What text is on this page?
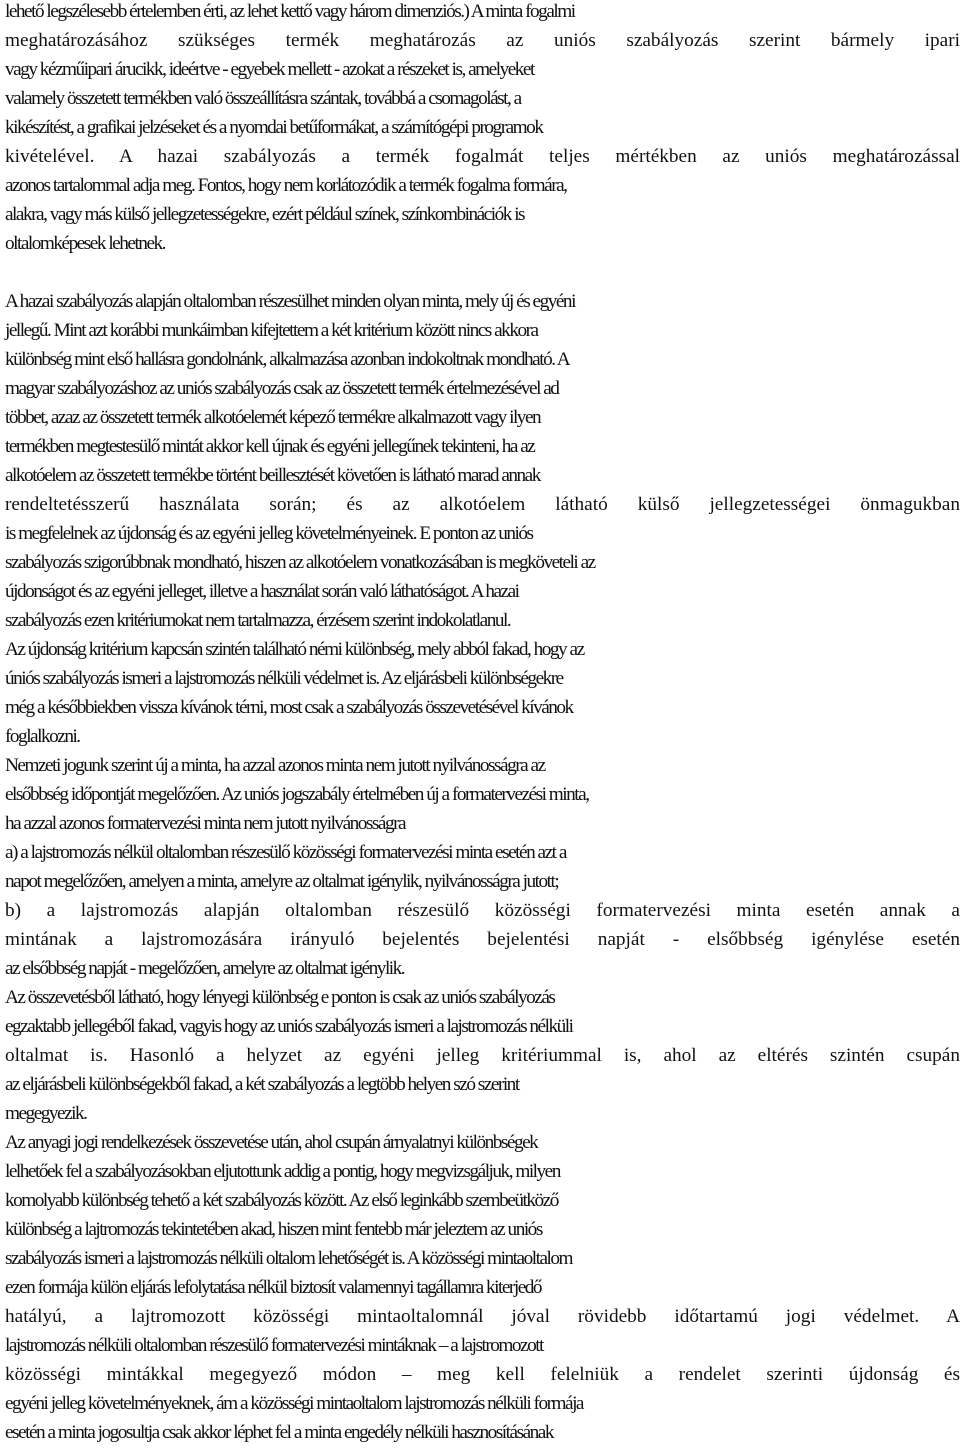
lehető legszélesebb értelemben érti, az lehet kettő vagy három dimenziós.) A minta fogalmi
meghatározásához szükséges termék meghatározás az uniós szabályozás szerint bármely ipari
vagy kézműipari árucikk, ideértve - egyebek mellett - azokat a részeket is, amelyeket
valamely összetett termékben való összeállításra szántak, továbbá a csomagolást, a
kikészítést, a grafikai jelzéseket és a nyomdai betűformákat, a számítógépi programok
kivételével. A hazai szabályozás a termék fogalmát teljes mértékben az uniós meghatározással
azonos tartalommal adja meg. Fontos, hogy nem korlátozódik a termék fogalma formára,
alakra, vagy más külső jellegzetességekre, ezért például színek, színkombinációk is
oltalomképesek lehetnek.
A hazai szabályozás alapján oltalomban részesülhet minden olyan minta, mely új és egyéni
jellegű. Mint azt korábbi munkáimban kifejtettem a két kritérium között nincs akkora
különbség mint első hallásra gondolnánk, alkalmazása azonban indokoltnak mondható. A
magyar szabályozáshoz az uniós szabályozás csak az összetett termék értelmezésével ad
többet, azaz az összetett termék alkotóelemét képező termékre alkalmazott vagy ilyen
termékben megtestesülő mintát akkor kell újnak és egyéni jellegűnek tekinteni, ha az
alkotóelem az összetett termékbe történt beillesztését követően is látható marad annak
rendeltetésszerű használata során; és az alkotóelem látható külső jellegzetességei önmagukban
is megfelelnek az újdonság és az egyéni jelleg követelményeinek. E ponton az uniós
szabályozás szigorúbbnak mondható, hiszen az alkotóelem vonatkozásában is megköveteli az
újdonságot és az egyéni jelleget, illetve a használat során való láthatóságot. A hazai
szabályozás ezen kritériumokat nem tartalmazza, érzésem szerint indokolatlanul.
Az újdonság kritérium kapcsán szintén található némi különbség, mely abból fakad, hogy az
úniós szabályozás ismeri a lajstromozás nélküli védelmet is. Az eljárásbeli különbségekre
még a későbbiekben vissza kívánok térni, most csak a szabályozás összevetésével kívánok
foglalkozni.
Nemzeti jogunk szerint új a minta, ha azzal azonos minta nem jutott nyilvánosságra az
elsőbbség időpontját megelőzően. Az uniós jogszabály értelmében új a formatervezési minta,
ha azzal azonos formatervezési minta nem jutott nyilvánosságra
a) a lajstromozás nélkül oltalomban részesülő közösségi formatervezési minta esetén azt a
napot megelőzően, amelyen a minta, amelyre az oltalmat igénylik, nyilvánosságra jutott;
b) a lajstromozás alapján oltalomban részesülő közösségi formatervezési minta esetén annak a
mintának a lajstromozására irányuló bejelentés bejelentési napját - elsőbbség igénylése esetén
az elsőbbség napját - megelőzően, amelyre az oltalmat igénylik.
Az összevetésből látható, hogy lényegi különbség e ponton is csak az uniós szabályozás
egzaktabb jellegéből fakad, vagyis hogy az uniós szabályozás ismeri a lajstromozás nélküli
oltalmat is. Hasonló a helyzet az egyéni jelleg kritériummal is, ahol az eltérés szintén csupán
az eljárásbeli különbségekből fakad, a két szabályozás a legtöbb helyen szó szerint
megegyezik.
Az anyagi jogi rendelkezések összevetése után, ahol csupán árnyalatnyi különbségek
lelhetőek fel a szabályozásokban eljutottunk addig a pontig, hogy megvizsgáljuk, milyen
komolyabb különbség tehető a két szabályozás között. Az első leginkább szembeütköző
különbség a lajtromozás tekintetében akad, hiszen mint fentebb már jeleztem az uniós
szabályozás ismeri a lajstromozás nélküli oltalom lehetőségét is. A közösségi mintaoltalom
ezen formája külön eljárás lefolytatása nélkül biztosít valamennyi tagállamra kiterjedő
hatályú, a lajtromozott közösségi mintaoltalomnál jóval rövidebb időtartamú jogi védelmet. A
lajstromozás nélküli oltalomban részesülő formatervezési mintáknak – a lajstromozott
közösségi mintákkal megegyező módon – meg kell felelniük a rendelet szerinti újdonság és
egyéni jelleg követelményeknek, ám a közösségi mintaoltalom lajstromozás nélküli formája
esetén a minta jogosultja csak akkor léphet fel a minta engedély nélküli hasznosításának
